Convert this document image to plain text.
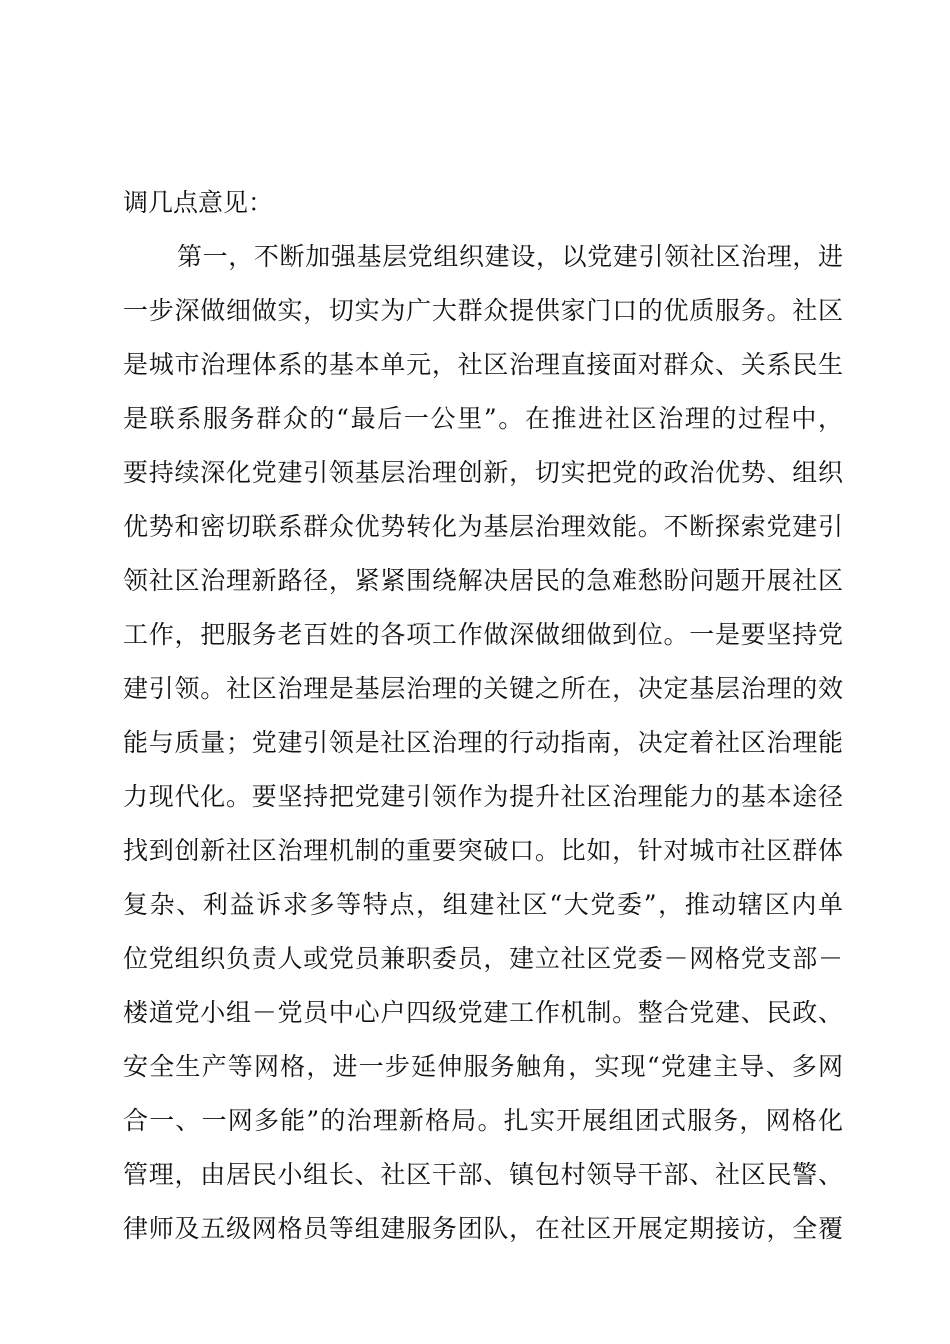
调几点意见：
第一，不断加强基层党组织建设，以党建引领社区治理，进
一步深做细做实，切实为广大群众提供家门口的优质服务。社区
是城市治理体系的基本单元，社区治理直接面对群众、关系民生
是联系服务群众的“最后一公里”。在推进社区治理的过程中，
要持续深化党建引领基层治理创新，切实把党的政治优势、组织
优势和密切联系群众优势转化为基层治理效能。不断探索党建引
领社区治理新路径，紧紧围绕解决居民的急难愁盼问题开展社区
工作，把服务老百姓的各项工作做深做细做到位。一是要坚持党
建引领。社区治理是基层治理的关键之所在，决定基层治理的效
能与质量；党建引领是社区治理的行动指南，决定着社区治理能
力现代化。要坚持把党建引领作为提升社区治理能力的基本途径
找到创新社区治理机制的重要突破口。比如，针对城市社区群体
复杂、利益诉求多等特点，组建社区“大党委”，推动辖区内单
位党组织负责人或党员兼职委员，建立社区党委－网格党支部－
楼道党小组－党员中心户四级党建工作机制。整合党建、民政、
安全生产等网格，进一步延伸服务触角，实现“党建主导、多网
合一、一网多能”的治理新格局。扎实开展组团式服务，网格化
管理，由居民小组长、社区干部、镇包村领导干部、社区民警、
律师及五级网格员等组建服务团队，在社区开展定期接访，全覆
